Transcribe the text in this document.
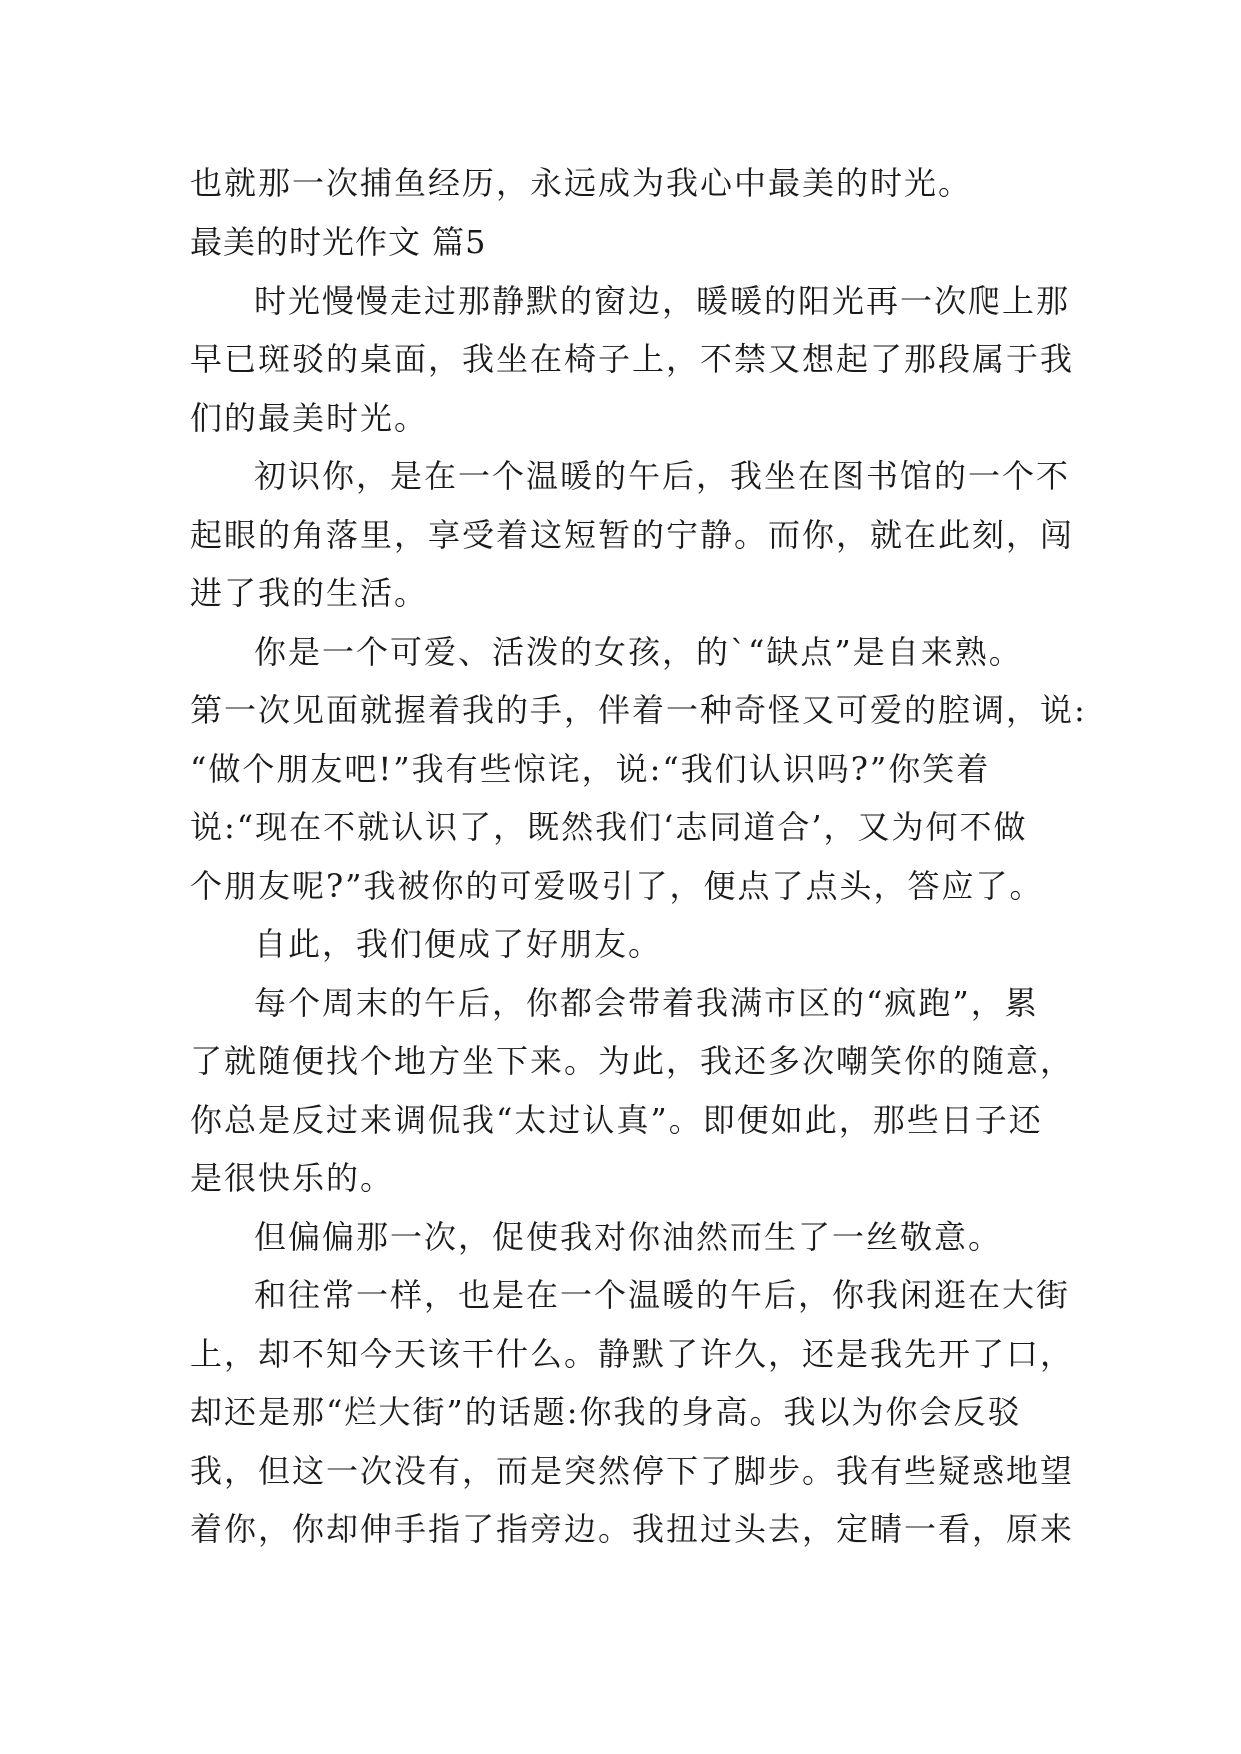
也就那一次捕鱼经历，永远成为我心中最美的时光。

最美的时光作文 篇5

时光慢慢走过那静默的窗边，暖暖的阳光再一次爬上那

早已斑驳的桌面，我坐在椅子上，不禁又想起了那段属于我

们的最美时光。

初识你，是在一个温暖的午后，我坐在图书馆的一个不

起眼的角落里，享受着这短暂的宁静。而你，就在此刻，闯

进了我的生活。

你是一个可爱、活泼的女孩，的`“缺点”是自来熟。

第一次见面就握着我的手，伴着一种奇怪又可爱的腔调，说:

“做个朋友吧!”我有些惊诧，说:“我们认识吗?”你笑着

说:“现在不就认识了，既然我们‘志同道合’，又为何不做

个朋友呢?”我被你的可爱吸引了，便点了点头，答应了。

自此，我们便成了好朋友。

每个周末的午后，你都会带着我满市区的“疯跑”，累

了就随便找个地方坐下来。为此，我还多次嘲笑你的随意，

你总是反过来调侃我“太过认真”。即便如此，那些日子还

是很快乐的。

但偏偏那一次，促使我对你油然而生了一丝敬意。

和往常一样，也是在一个温暖的午后，你我闲逛在大街

上，却不知今天该干什么。静默了许久，还是我先开了口，

却还是那“烂大街”的话题:你我的身高。我以为你会反驳

我，但这一次没有，而是突然停下了脚步。我有些疑惑地望

着你，你却伸手指了指旁边。我扭过头去，定睛一看，原来
